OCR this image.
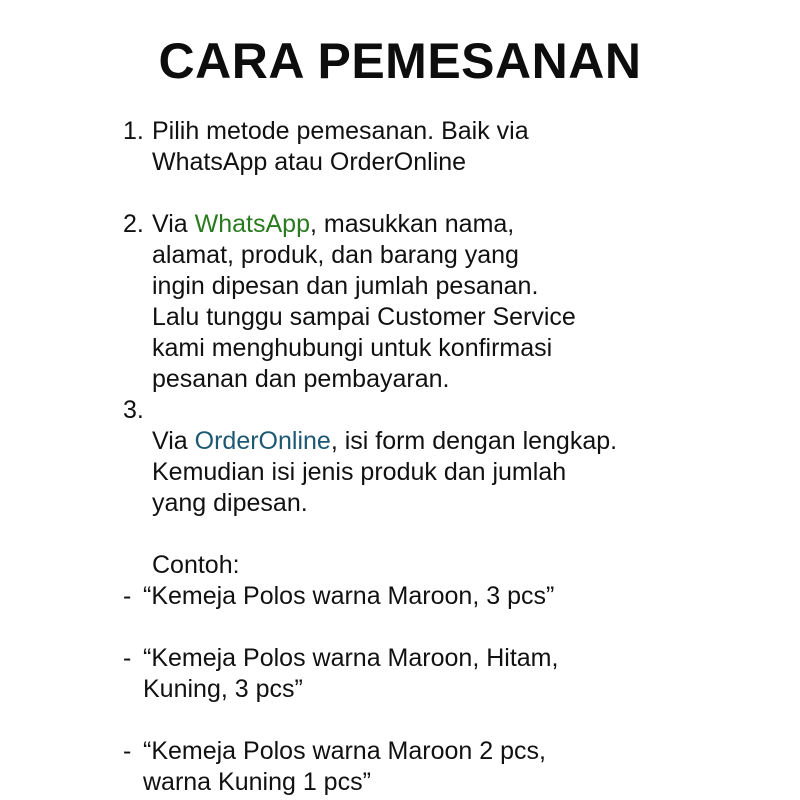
CARA PEMESANAN
1. Pilih metode pemesanan. Baik via
WhatsApp atau OrderOnline
2. Via WhatsApp, masukkan nama,
alamat, produk, dan barang yang
ingin dipesan dan jumlah pesanan.
Lalu tunggu sampai Customer Service
kami menghubungi untuk konfirmasi
pesanan dan pembayaran.
3.
Via OrderOnline, isi form dengan lengkap.
Kemudian isi jenis produk dan jumlah
yang dipesan.
Contoh:
- “Kemeja Polos warna Maroon, 3 pcs”
- “Kemeja Polos warna Maroon, Hitam,
Kuning, 3 pcs”
- “Kemeja Polos warna Maroon 2 pcs,
warna Kuning 1 pcs”
